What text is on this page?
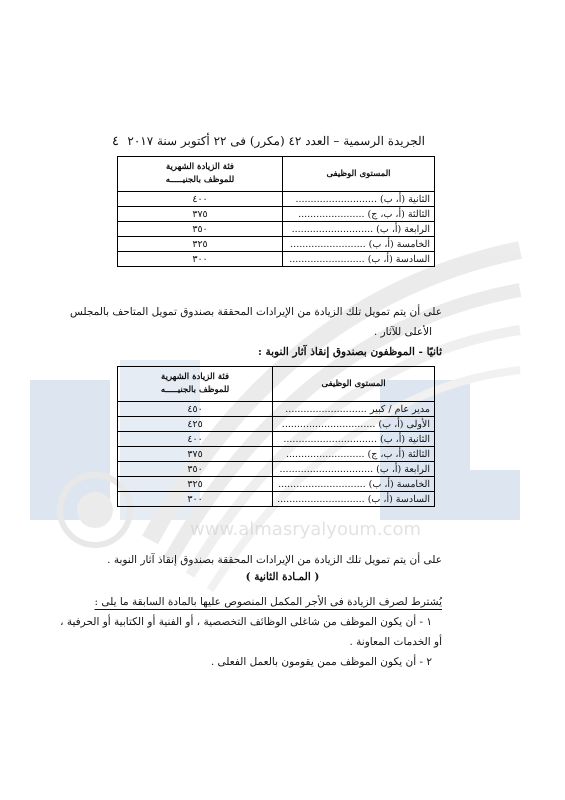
www.almasryalyoum.com
٤ الجريدة الرسمية – العدد ٤٢ (مكرر) فى ٢٢ أكتوبر سنة ٢٠١٧
فئة الزيادة الشهرية
للموظف بالجنيـــــه	المستوى الوظيفى
٤٠٠	الثانية (أ، ب) ...........................
٣٧٥	الثالثة (أ، ب، ج) ......................
٣٥٠	الرابعة (أ، ب) ...........................
٣٢٥	الخامسة (أ، ب) .........................
٣٠٠	السادسة (أ، ب) .........................
على أن يتم تمويل تلك الزيادة من الإيرادات المحققة بصندوق تمويل المتاحف بالمجلس
الأعلى للآثار .
ثانيًا - الموظفون بصندوق إنقاذ آثار النوبة :
فئة الزيادة الشهرية
للموظف بالجنيـــــه	المستوى الوظيفى
٤٥٠	مدير عام / كبير ...........................
٤٢٥	الأولى (أ، ب) ...............................
٤٠٠	الثانية (أ، ب) ...............................
٣٧٥	الثالثة (أ، ب، ج) ..........................
٣٥٠	الرابعة (أ، ب) ...............................
٣٢٥	الخامسة (أ، ب) .............................
٣٠٠	السادسة (أ، ب) .............................
على أن يتم تمويل تلك الزيادة من الإيرادات المحققة بصندوق إنقاذ آثار النوبة .
( المـادة الثانية )
يُشترط لصرف الزيادة فى الأجر المكمل المنصوص عليها بالمادة السابقة ما يلى :
١ - أن يكون الموظف من شاغلى الوظائف التخصصية ، أو الفنية أو الكتابية أو الحرفية ،
أو الخدمات المعاونة .
٢ - أن يكون الموظف ممن يقومون بالعمل الفعلى .
